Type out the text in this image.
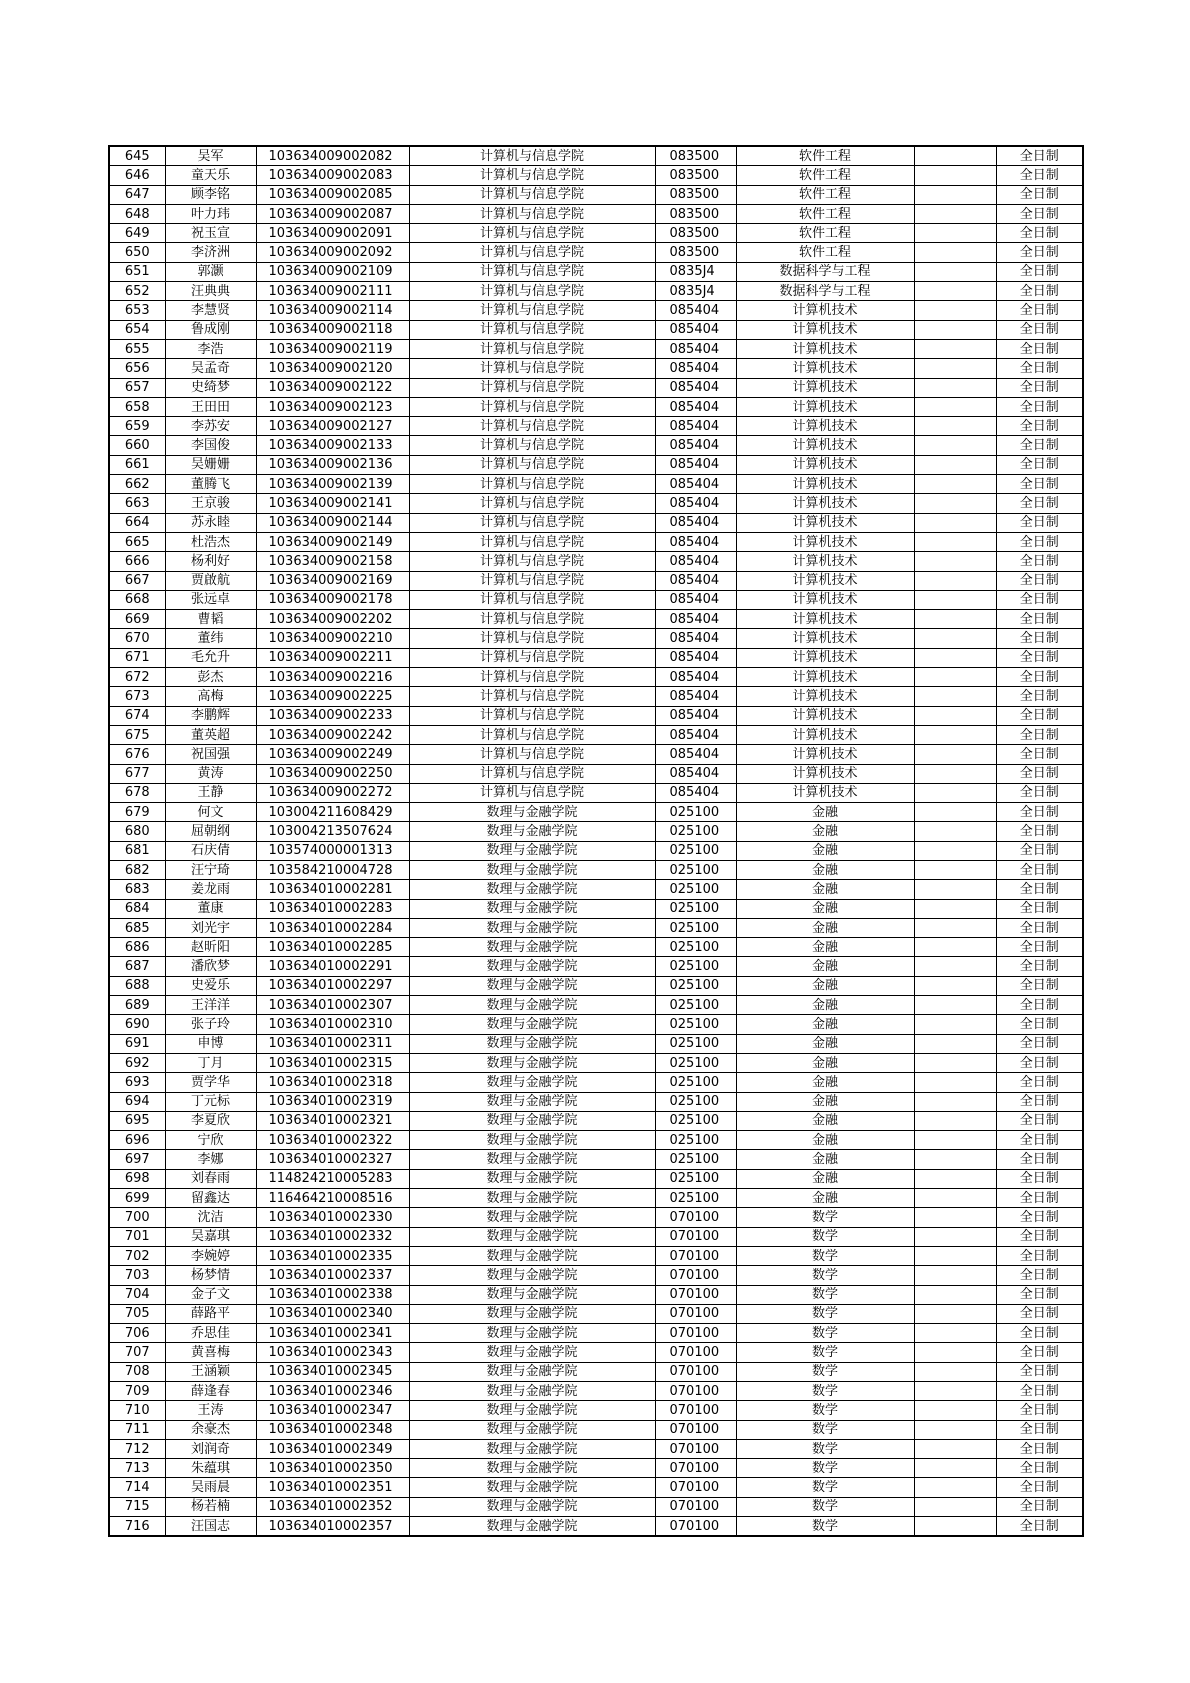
645	吴军	103634009002082	计算机与信息学院	083500	软件工程		全日制
646	童天乐	103634009002083	计算机与信息学院	083500	软件工程		全日制
647	顾李铭	103634009002085	计算机与信息学院	083500	软件工程		全日制
648	叶力玮	103634009002087	计算机与信息学院	083500	软件工程		全日制
649	祝玉宣	103634009002091	计算机与信息学院	083500	软件工程		全日制
650	李济洲	103634009002092	计算机与信息学院	083500	软件工程		全日制
651	郭灏	103634009002109	计算机与信息学院	0835J4	数据科学与工程		全日制
652	汪典典	103634009002111	计算机与信息学院	0835J4	数据科学与工程		全日制
653	李慧贤	103634009002114	计算机与信息学院	085404	计算机技术		全日制
654	鲁成刚	103634009002118	计算机与信息学院	085404	计算机技术		全日制
655	李浩	103634009002119	计算机与信息学院	085404	计算机技术		全日制
656	吴孟奇	103634009002120	计算机与信息学院	085404	计算机技术		全日制
657	史绮梦	103634009002122	计算机与信息学院	085404	计算机技术		全日制
658	王田田	103634009002123	计算机与信息学院	085404	计算机技术		全日制
659	李苏安	103634009002127	计算机与信息学院	085404	计算机技术		全日制
660	李国俊	103634009002133	计算机与信息学院	085404	计算机技术		全日制
661	吴姗姗	103634009002136	计算机与信息学院	085404	计算机技术		全日制
662	董腾飞	103634009002139	计算机与信息学院	085404	计算机技术		全日制
663	王京骏	103634009002141	计算机与信息学院	085404	计算机技术		全日制
664	苏永睦	103634009002144	计算机与信息学院	085404	计算机技术		全日制
665	杜浩杰	103634009002149	计算机与信息学院	085404	计算机技术		全日制
666	杨利好	103634009002158	计算机与信息学院	085404	计算机技术		全日制
667	贾啟航	103634009002169	计算机与信息学院	085404	计算机技术		全日制
668	张远卓	103634009002178	计算机与信息学院	085404	计算机技术		全日制
669	曹韬	103634009002202	计算机与信息学院	085404	计算机技术		全日制
670	董纬	103634009002210	计算机与信息学院	085404	计算机技术		全日制
671	毛允升	103634009002211	计算机与信息学院	085404	计算机技术		全日制
672	彭杰	103634009002216	计算机与信息学院	085404	计算机技术		全日制
673	高梅	103634009002225	计算机与信息学院	085404	计算机技术		全日制
674	李鹏辉	103634009002233	计算机与信息学院	085404	计算机技术		全日制
675	董英超	103634009002242	计算机与信息学院	085404	计算机技术		全日制
676	祝国强	103634009002249	计算机与信息学院	085404	计算机技术		全日制
677	黄涛	103634009002250	计算机与信息学院	085404	计算机技术		全日制
678	王静	103634009002272	计算机与信息学院	085404	计算机技术		全日制
679	何文	103004211608429	数理与金融学院	025100	金融		全日制
680	屈朝纲	103004213507624	数理与金融学院	025100	金融		全日制
681	石庆倩	103574000001313	数理与金融学院	025100	金融		全日制
682	汪宁琦	103584210004728	数理与金融学院	025100	金融		全日制
683	姜龙雨	103634010002281	数理与金融学院	025100	金融		全日制
684	董康	103634010002283	数理与金融学院	025100	金融		全日制
685	刘光宇	103634010002284	数理与金融学院	025100	金融		全日制
686	赵昕阳	103634010002285	数理与金融学院	025100	金融		全日制
687	潘欣梦	103634010002291	数理与金融学院	025100	金融		全日制
688	史爱乐	103634010002297	数理与金融学院	025100	金融		全日制
689	王洋洋	103634010002307	数理与金融学院	025100	金融		全日制
690	张子玲	103634010002310	数理与金融学院	025100	金融		全日制
691	申博	103634010002311	数理与金融学院	025100	金融		全日制
692	丁月	103634010002315	数理与金融学院	025100	金融		全日制
693	贾学华	103634010002318	数理与金融学院	025100	金融		全日制
694	丁元标	103634010002319	数理与金融学院	025100	金融		全日制
695	李夏欣	103634010002321	数理与金融学院	025100	金融		全日制
696	宁欣	103634010002322	数理与金融学院	025100	金融		全日制
697	李娜	103634010002327	数理与金融学院	025100	金融		全日制
698	刘春雨	114824210005283	数理与金融学院	025100	金融		全日制
699	留鑫达	116464210008516	数理与金融学院	025100	金融		全日制
700	沈洁	103634010002330	数理与金融学院	070100	数学		全日制
701	吴嘉琪	103634010002332	数理与金融学院	070100	数学		全日制
702	李婉婷	103634010002335	数理与金融学院	070100	数学		全日制
703	杨梦情	103634010002337	数理与金融学院	070100	数学		全日制
704	金子文	103634010002338	数理与金融学院	070100	数学		全日制
705	薛路平	103634010002340	数理与金融学院	070100	数学		全日制
706	乔思佳	103634010002341	数理与金融学院	070100	数学		全日制
707	黄喜梅	103634010002343	数理与金融学院	070100	数学		全日制
708	王涵颖	103634010002345	数理与金融学院	070100	数学		全日制
709	薛逢春	103634010002346	数理与金融学院	070100	数学		全日制
710	王涛	103634010002347	数理与金融学院	070100	数学		全日制
711	余豪杰	103634010002348	数理与金融学院	070100	数学		全日制
712	刘润奇	103634010002349	数理与金融学院	070100	数学		全日制
713	朱蕴琪	103634010002350	数理与金融学院	070100	数学		全日制
714	吴雨晨	103634010002351	数理与金融学院	070100	数学		全日制
715	杨若楠	103634010002352	数理与金融学院	070100	数学		全日制
716	汪国志	103634010002357	数理与金融学院	070100	数学		全日制
